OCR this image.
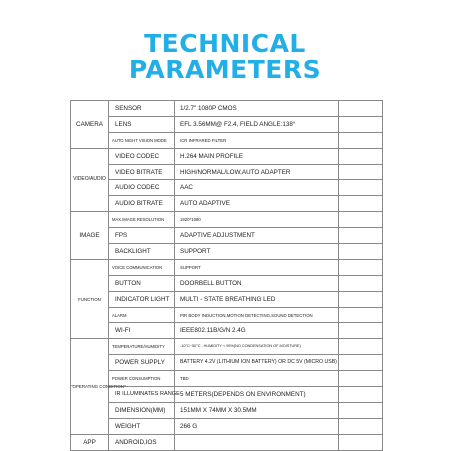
TECHNICAL
PARAMETERS
CAMERA	SENSOR	1/2.7" 1080P CMOS	
	LENS	EFL 3.56MM@ F2.4, FIELD ANGLE:138°	
	AUTO NIGHT VISION MODE	ICR INFRARED FILTER	
VIDEO/AUDIO	VIDEO CODEC	H.264 MAIN PROFILE	
	VIDEO BITRATE	HIGH/NORMAL/LOW,AUTO ADAPTER	
	AUDIO CODEC	AAC	
	AUDIO BITRATE	AUTO ADAPTIVE	
IMAGE	MAX.IMAGE RESOLUTION	1920*1080	
	FPS	ADAPTIVE ADJUSTMENT	
	BACKLIGHT	SUPPORT	
FUNCTION	VOICE COMMUNICATION	SUPPORT	
	BUTTON	DOORBELL BUTTON	
	INDICATOR LIGHT	MULTI - STATE BREATHING LED	
	ALARM	PIR BODY INDUCTION,MOTION DETECTING,SOUND DETECTION	
	WI-FI	IEEE802.11B/G/N 2.4G	
"OPERATING CONDITION"	TEMPERATURE/HUMIDITY	-10°C~50°C , HUMIDITY < 95%(NO CONDENSATION OF MOISTURE)	
	POWER SUPPLY	BATTERY 4.2V (LITHIUM ION BATTERY) OR DC 5V (MICRO USB)	
	POWER CONSUMPTION	TBD	
	IR ILLUMINATES RANGE	5 METERS(DEPENDS ON ENVIRONMENT)	
	DIMENSION(MM)	151MM X 74MM X 30.5MM	
	WEIGHT	266 G	
APP	ANDROID,IOS		
